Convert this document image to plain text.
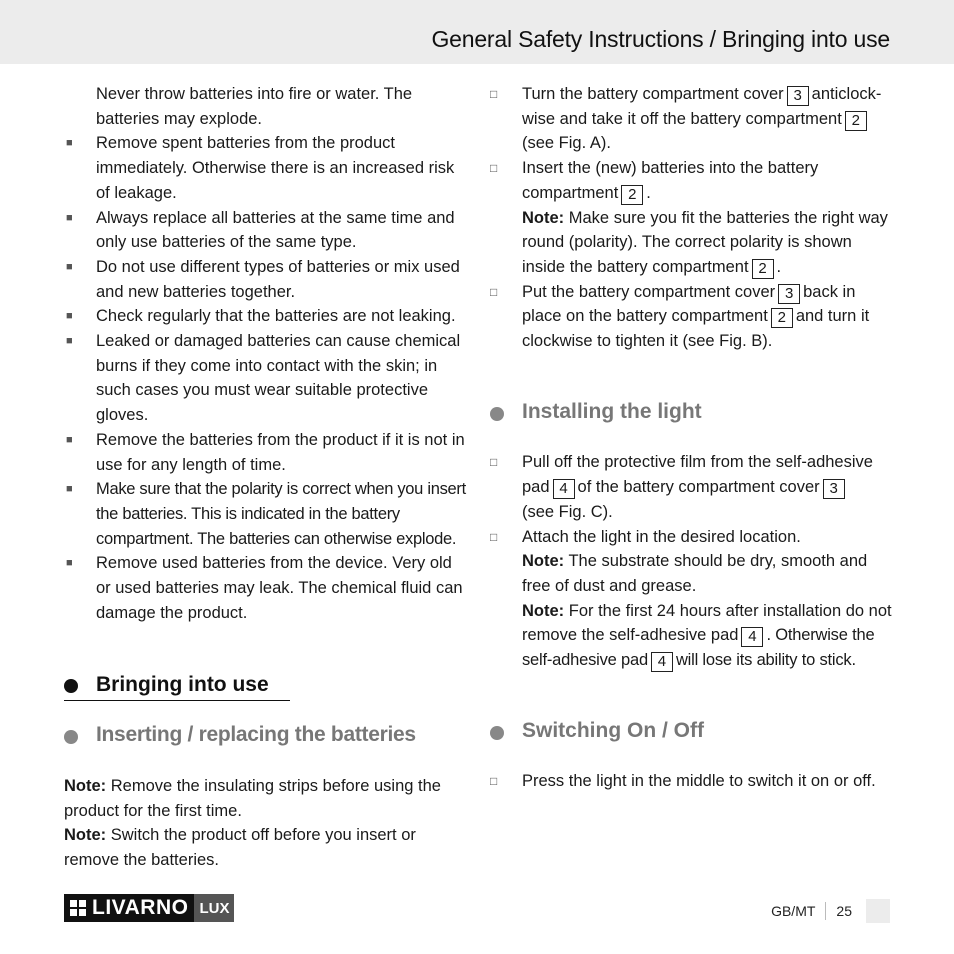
General Safety Instructions / Bringing into use
Never throw batteries into fire or water. The batteries may explode.
■ Remove spent batteries from the product immediately. Otherwise there is an increased risk of leakage.
■ Always replace all batteries at the same time and only use batteries of the same type.
■ Do not use different types of batteries or mix used and new batteries together.
■ Check regularly that the batteries are not leaking.
■ Leaked or damaged batteries can cause chemical burns if they come into contact with the skin; in such cases you must wear suitable protective gloves.
■ Remove the batteries from the product if it is not in use for any length of time.
■ Make sure that the polarity is correct when you insert the batteries. This is indicated in the battery compartment. The batteries can otherwise explode.
■ Remove used batteries from the device. Very old or used batteries may leak. The chemical fluid can damage the product.
Bringing into use
Inserting / replacing the batteries
Note: Remove the insulating strips before using the product for the first time.
Note: Switch the product off before you insert or remove the batteries.
□
Turn the battery compartment cover 3 anticlock-wise and take it off the battery compartment 2 (see Fig. A).
□
Insert the (new) batteries into the battery compartment 2 .
Note: Make sure you fit the batteries the right way round (polarity). The correct polarity is shown inside the battery compartment 2 .
□
Put the battery compartment cover 3 back in place on the battery compartment 2 and turn it clockwise to tighten it (see Fig. B).
Installing the light
□
Pull off the protective film from the self-adhesive pad 4 of the battery compartment cover 3
(see Fig. C).
□
Attach the light in the desired location.
Note: The substrate should be dry, smooth and free of dust and grease.
Note: For the first 24 hours after installation do not remove the self-adhesive pad 4 . Otherwise the self-adhesive pad 4 will lose its ability to stick.
Switching On / Off
□
Press the light in the middle to switch it on or off.
LIVARNO LUX	GB/MT 25
